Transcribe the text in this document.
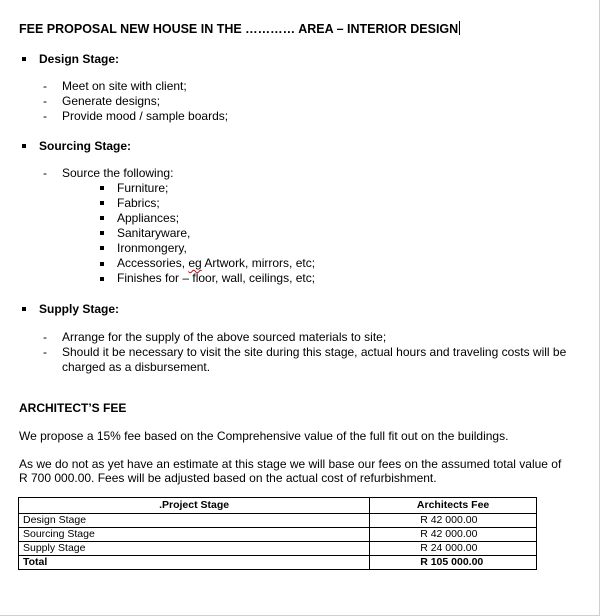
FEE PROPOSAL NEW HOUSE IN THE ………… AREA – INTERIOR DESIGN
Design Stage:
- Meet on site with client;
- Generate designs;
- Provide mood / sample boards;
Sourcing Stage:
- Source the following:
Furniture;
Fabrics;
Appliances;
Sanitaryware,
Ironmongery,
Accessories, eg Artwork, mirrors, etc;
Finishes for – floor, wall, ceilings, etc;
Supply Stage:
- Arrange for the supply of the above sourced materials to site;
- Should it be necessary to visit the site during this stage, actual hours and traveling costs will be
charged as a disbursement.
ARCHITECT’S FEE
We propose a 15% fee based on the Comprehensive value of the full fit out on the buildings.
As we do not as yet have an estimate at this stage we will base our fees on the assumed total value of
R 700 000.00. Fees will be adjusted based on the actual cost of refurbishment.
.Project Stage	Architects Fee
Design Stage	R 42 000.00
Sourcing Stage	R 42 000.00
Supply Stage	R 24 000.00
Total	R 105 000.00
